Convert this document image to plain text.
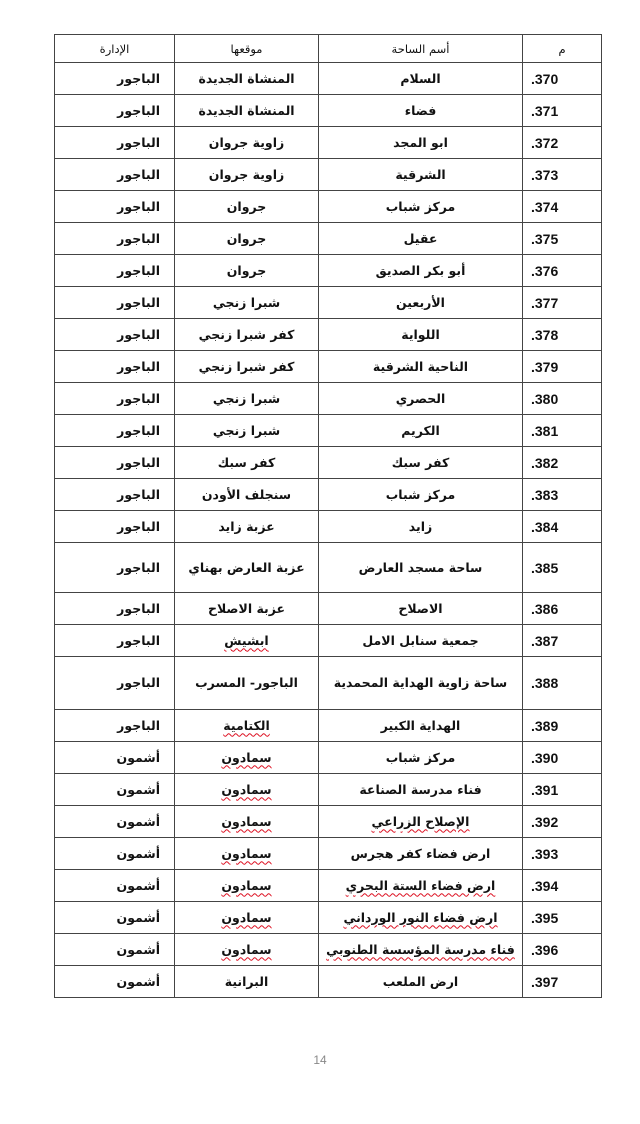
م	أسم الساحة	موقعها	الإدارة
.370	السلام	المنشاة الجديدة	الباجور
.371	فضاء	المنشاة الجديدة	الباجور
.372	ابو المجد	زاوية جروان	الباجور
.373	الشرقية	زاوية جروان	الباجور
.374	مركز شباب	جروان	الباجور
.375	عقيل	جروان	الباجور
.376	أبو بكر الصديق	جروان	الباجور
.377	الأربعين	شبرا زنجي	الباجور
.378	اللواية	كفر شبرا زنجي	الباجور
.379	الناحية الشرقية	كفر شبرا زنجي	الباجور
.380	الحصري	شبرا زنجي	الباجور
.381	الكريم	شبرا زنجي	الباجور
.382	كفر سبك	كفر سبك	الباجور
.383	مركز شباب	سنجلف الأودن	الباجور
.384	زايد	عزبة زايد	الباجور
.385	ساحة مسجد العارض	عزبة العارض بهناي	الباجور
.386	الاصلاح	عزبة الاصلاح	الباجور
.387	جمعية سنابل الامل	ابشيش	الباجور
.388	ساحة زاوية الهداية المحمدية	الباجور- المسرب	الباجور
.389	الهداية الكبير	الكتامية	الباجور
.390	مركز شباب	سمادون	أشمون
.391	فناء مدرسة الصناعة	سمادون	أشمون
.392	الإصلاح الزراعي	سمادون	أشمون
.393	ارض فضاء كفر هجرس	سمادون	أشمون
.394	ارض فضاء الستة البحري	سمادون	أشمون
.395	ارض فضاء النور الورداني	سمادون	أشمون
.396	فناء مدرسة المؤسسة الطنوبي	سمادون	أشمون
.397	ارض الملعب	البرانية	أشمون
14
